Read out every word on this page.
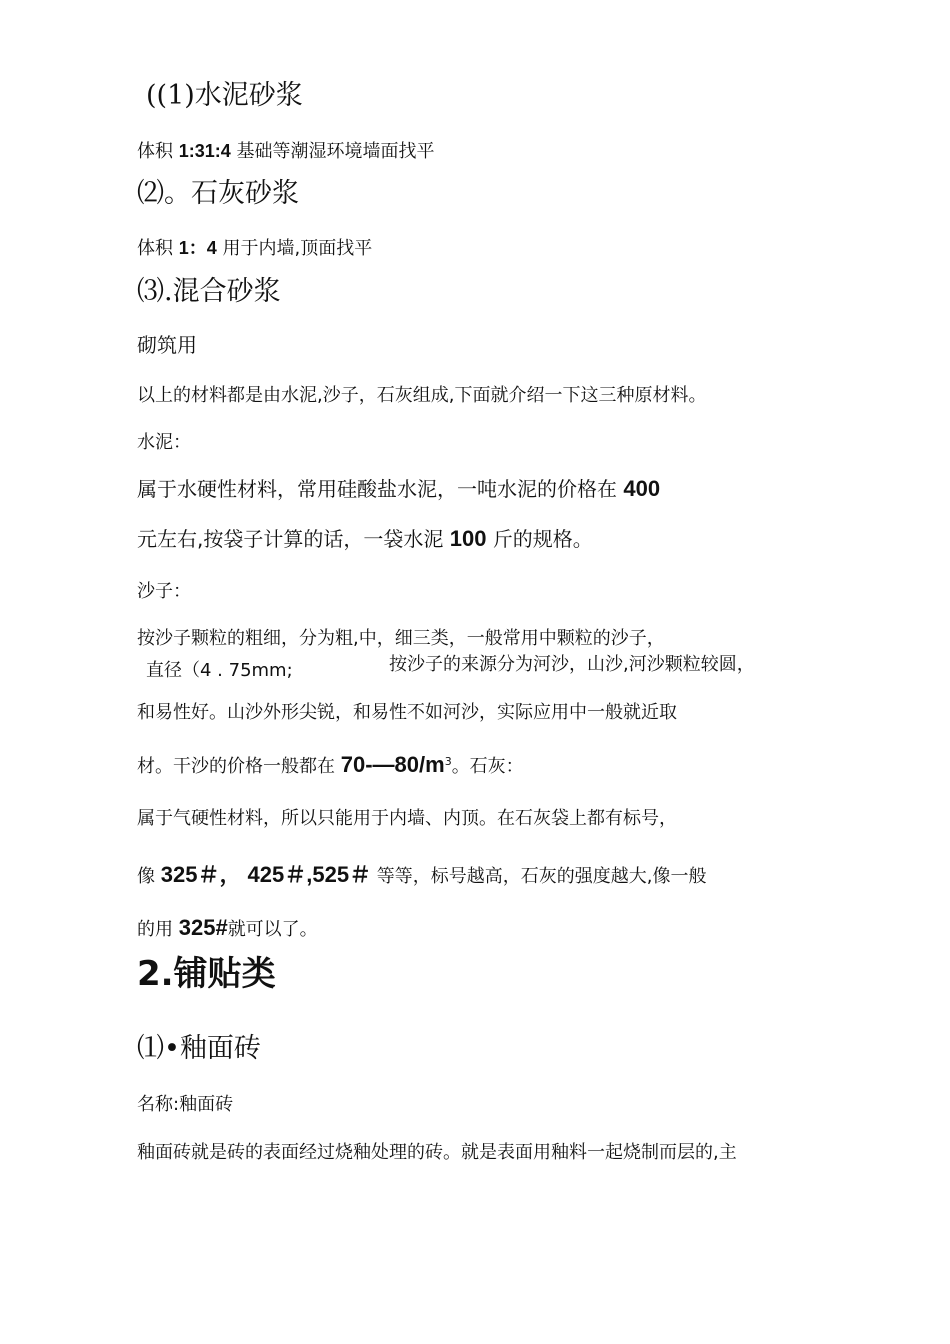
((1)水泥砂浆
体积 1:31:4 基础等潮湿环境墙面找平
⑵。石灰砂浆
体积 1：4 用于内墙,顶面找平
⑶.混合砂浆
砌筑用
以上的材料都是由水泥,沙子，石灰组成,下面就介绍一下这三种原材料。
水泥：
属于水硬性材料，常用硅酸盐水泥，一吨水泥的价格在 400
元左右,按袋子计算的话，一袋水泥 100 斤的规格。
沙子：
按沙子颗粒的粗细，分为粗,中，细三类，一般常用中颗粒的沙子，
直径（4 . 75mm;	按沙子的来源分为河沙，山沙,河沙颗粒较圆，
和易性好。山沙外形尖锐，和易性不如河沙，实际应用中一般就近取
材。干沙的价格一般都在 $70-—80/m^3$。石灰：
属于气硬性材料，所以只能用于内墙、内顶。在石灰袋上都有标号，
像 325＃， 425＃,525＃ 等等，标号越高，石灰的强度越大,像一般
的用 325#就可以了。
2.铺贴类
⑴•釉面砖
名称:釉面砖
釉面砖就是砖的表面经过烧釉处理的砖。就是表面用釉料一起烧制而层的,主
